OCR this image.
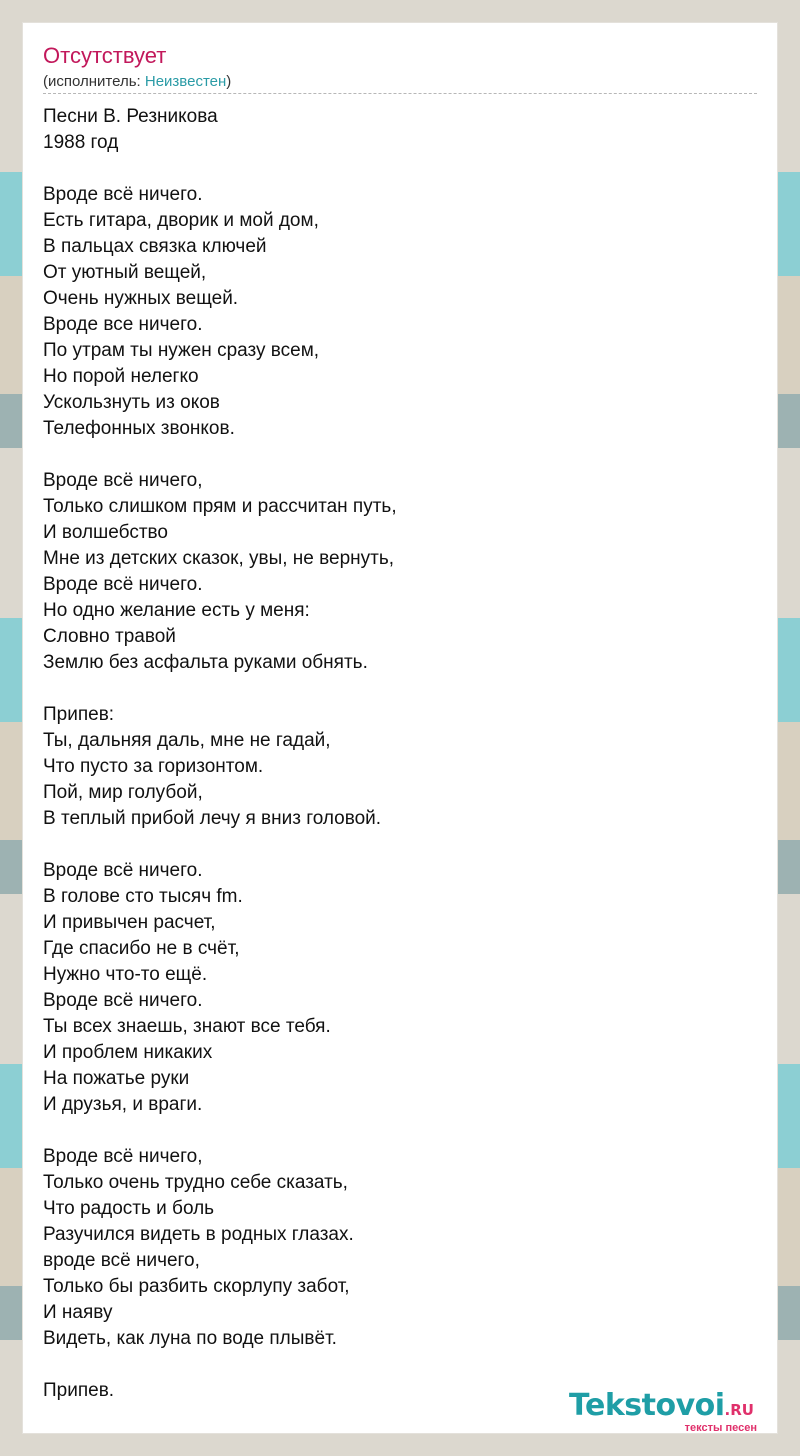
Отсутствует
(исполнитель: Неизвестен)
Песни В. Резникова
1988 год
Вроде всё ничего.
Есть гитара, дворик и мой дом,
В пальцах связка ключей
От уютный вещей,
Очень нужных вещей.
Вроде все ничего.
По утрам ты нужен сразу всем,
Но порой нелегко
Ускользнуть из оков
Телефонных звонков.
Вроде всё ничего,
Только слишком прям и рассчитан путь,
И волшебство
Мне из детских сказок, увы, не вернуть,
Вроде всё ничего.
Но одно желание есть у меня:
Словно травой
Землю без асфальта руками обнять.
Припев:
Ты, дальняя даль, мне не гадай,
Что пусто за горизонтом.
Пой, мир голубой,
В теплый прибой лечу я вниз головой.
Вроде всё ничего.
В голове сто тысяч fm.
И привычен расчет,
Где спасибо не в счёт,
Нужно что-то ещё.
Вроде всё ничего.
Ты всех знаешь, знают все тебя.
И проблем никаких
На пожатье руки
И друзья, и враги.
Вроде всё ничего,
Только очень трудно себе сказать,
Что радость и боль
Разучился видеть в родных глазах.
вроде всё ничего,
Только бы разбить скорлупу забот,
И наяву
Видеть, как луна по воде плывёт.
Припев.	Tekstovoi.RU
тексты песен
